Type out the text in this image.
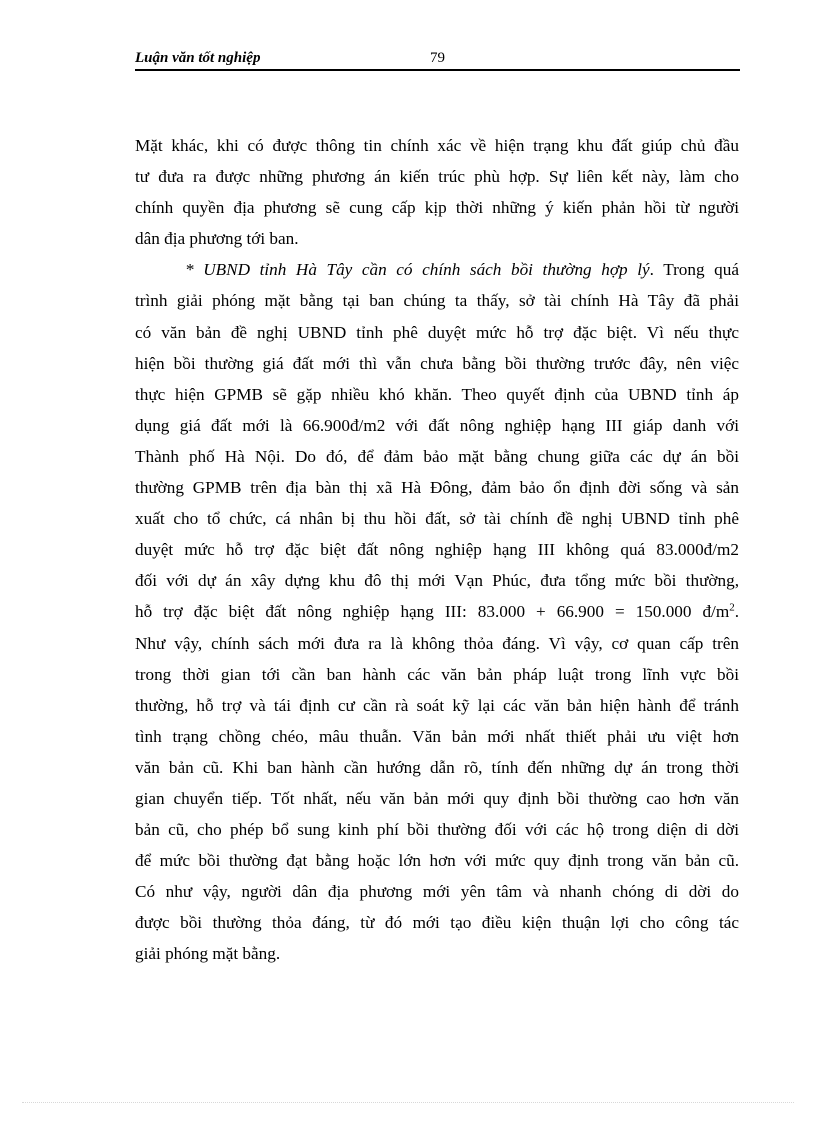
Luận văn tốt nghiệp	79
Mặt khác, khi có được thông tin chính xác về hiện trạng khu đất giúp chủ đầu
tư đưa ra được những phương án kiến trúc phù hợp. Sự liên kết này, làm cho
chính quyền địa phương sẽ cung cấp kịp thời những ý kiến phản hồi từ người
dân địa phương tới ban.
* UBND tỉnh Hà Tây cần có chính sách bồi thường hợp lý. Trong quá
trình giải phóng mặt bằng tại ban chúng ta thấy, sở tài chính Hà Tây đã phải
có văn bản đề nghị UBND tỉnh phê duyệt mức hỗ trợ đặc biệt. Vì nếu thực
hiện bồi thường giá đất mới thì vẫn chưa bằng bồi thường trước đây, nên việc
thực hiện GPMB sẽ gặp nhiều khó khăn. Theo quyết định của UBND tỉnh áp
dụng giá đất mới là 66.900đ/m2 với đất nông nghiệp hạng III giáp danh với
Thành phố Hà Nội. Do đó, để đảm bảo mặt bằng chung giữa các dự án bồi
thường GPMB trên địa bàn thị xã Hà Đông, đảm bảo ổn định đời sống và sản
xuất cho tổ chức, cá nhân bị thu hồi đất, sở tài chính đề nghị UBND tỉnh phê
duyệt mức hỗ trợ đặc biệt đất nông nghiệp hạng III không quá 83.000đ/m2
đối với dự án xây dựng khu đô thị mới Vạn Phúc, đưa tổng mức bồi thường,
hỗ trợ đặc biệt đất nông nghiệp hạng III: 83.000 + 66.900 = 150.000 $đ/m^2$.
Như vậy, chính sách mới đưa ra là không thỏa đáng. Vì vậy, cơ quan cấp trên
trong thời gian tới cần ban hành các văn bản pháp luật trong lĩnh vực bồi
thường, hỗ trợ và tái định cư cần rà soát kỹ lại các văn bản hiện hành để tránh
tình trạng chồng chéo, mâu thuẫn. Văn bản mới nhất thiết phải ưu việt hơn
văn bản cũ. Khi ban hành cần hướng dẫn rõ, tính đến những dự án trong thời
gian chuyển tiếp. Tốt nhất, nếu văn bản mới quy định bồi thường cao hơn văn
bản cũ, cho phép bổ sung kinh phí bồi thường đối với các hộ trong diện di dời
để mức bồi thường đạt bằng hoặc lớn hơn với mức quy định trong văn bản cũ.
Có như vậy, người dân địa phương mới yên tâm và nhanh chóng di dời do
được bồi thường thỏa đáng, từ đó mới tạo điều kiện thuận lợi cho công tác
giải phóng mặt bằng.
